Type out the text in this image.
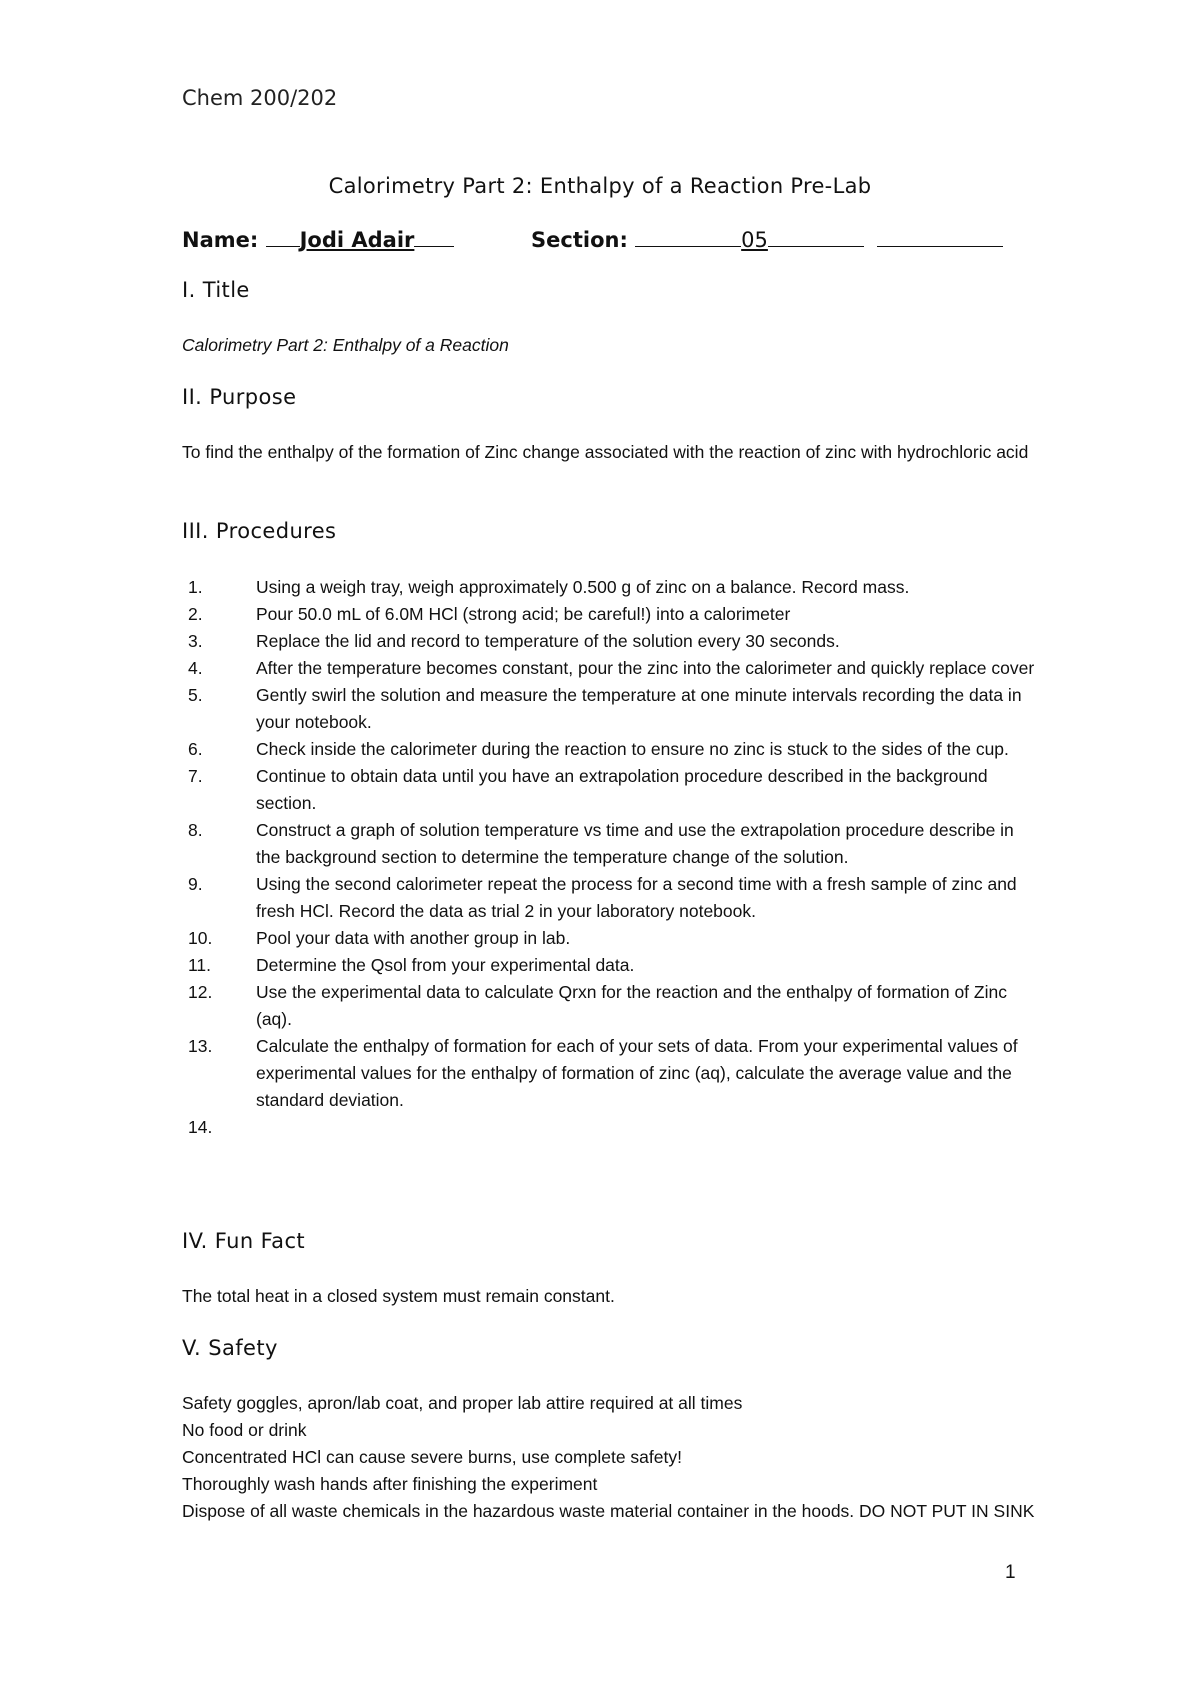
Chem 200/202
Calorimetry Part 2: Enthalpy of a Reaction Pre-Lab
Name: Jodi Adair	Section:	05
I. Title
Calorimetry Part 2: Enthalpy of a Reaction
II. Purpose
To find the enthalpy of the formation of Zinc change associated with the reaction of zinc with hydrochloric acid
III. Procedures
1.	Using a weigh tray, weigh approximately 0.500 g of zinc on a balance. Record mass.
2.	Pour 50.0 mL of 6.0M HCl (strong acid; be careful!) into a calorimeter
3.	Replace the lid and record to temperature of the solution every 30 seconds.
4.	After the temperature becomes constant, pour the zinc into the calorimeter and quickly replace cover
5.	Gently swirl the solution and measure the temperature at one minute intervals recording the data in your notebook.
6.	Check inside the calorimeter during the reaction to ensure no zinc is stuck to the sides of the cup.
7.	Continue to obtain data until you have an extrapolation procedure described in the background section.
8.	Construct a graph of solution temperature vs time and use the extrapolation procedure describe in the background section to determine the temperature change of the solution.
9.	Using the second calorimeter repeat the process for a second time with a fresh sample of zinc and fresh HCl. Record the data as trial 2 in your laboratory notebook.
10.	Pool your data with another group in lab.
11.	Determine the Qsol from your experimental data.
12.	Use the experimental data to calculate Qrxn for the reaction and the enthalpy of formation of Zinc (aq).
13.	Calculate the enthalpy of formation for each of your sets of data. From your experimental values of experimental values for the enthalpy of formation of zinc (aq), calculate the average value and the standard deviation.
14.
IV. Fun Fact
The total heat in a closed system must remain constant.
V. Safety
Safety goggles, apron/lab coat, and proper lab attire required at all times
No food or drink
Concentrated HCl can cause severe burns, use complete safety!
Thoroughly wash hands after finishing the experiment
Dispose of all waste chemicals in the hazardous waste material container in the hoods. DO NOT PUT IN SINK
1
